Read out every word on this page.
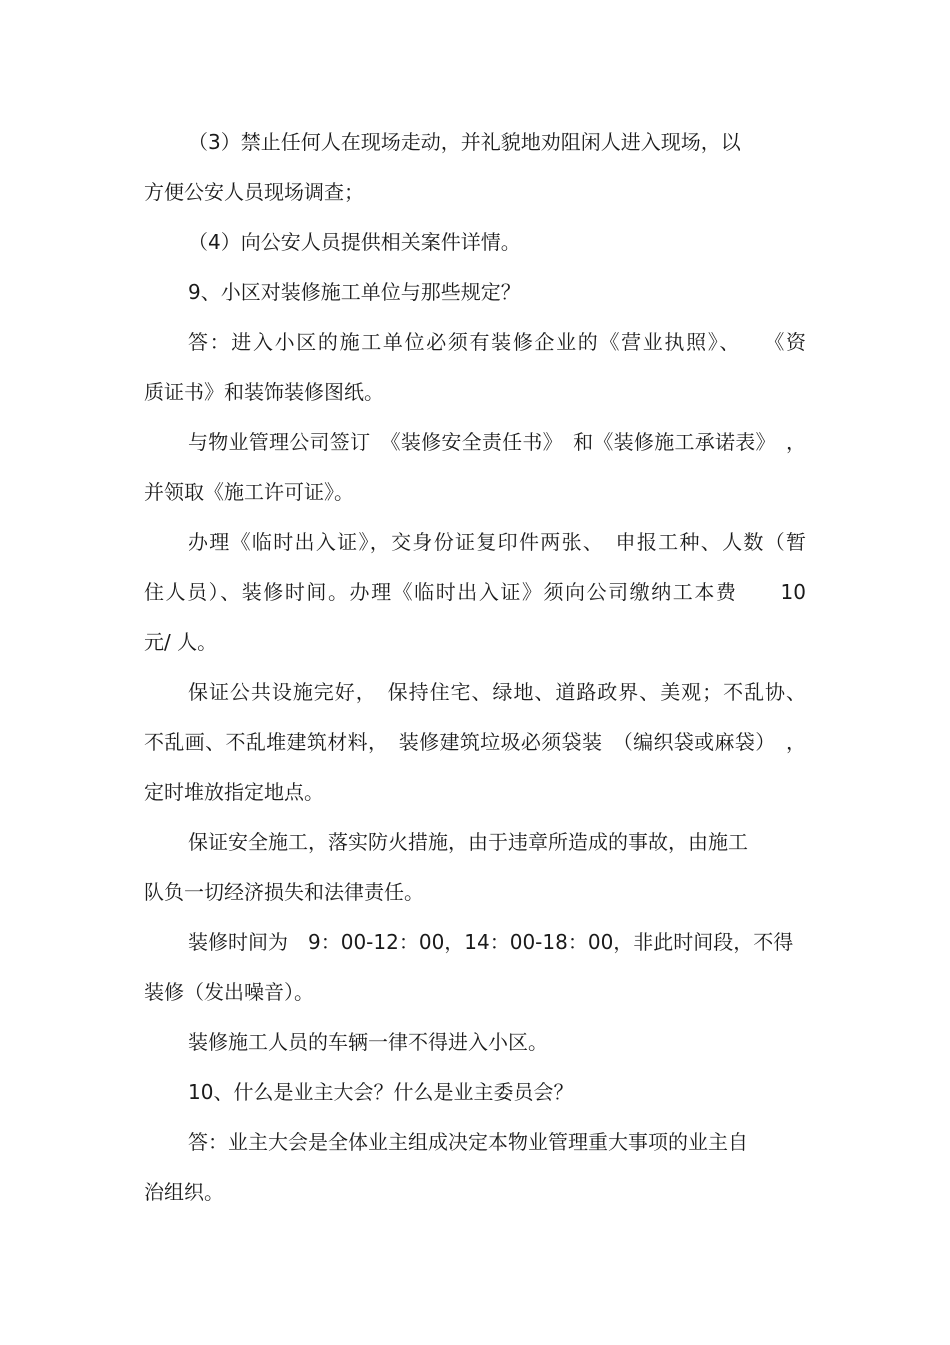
（3）禁止任何人在现场走动，并礼貌地劝阻闲人进入现场，以
方便公安人员现场调查；
（4）向公安人员提供相关案件详情。
9、小区对装修施工单位与那些规定？
答：进入小区的施工单位必须有装修企业的《营业执照》、　　《资
质证书》和装饰装修图纸。
与物业管理公司签订　《装修安全责任书》　和《装修施工承诺表》　，
并领取《施工许可证》。
办理《临时出入证》，交身份证复印件两张、　申报工种、人数（暂
住人员）、装修时间。办理《临时出入证》须向公司缴纳工本费　　10
元/ 人。
保证公共设施完好，　保持住宅、绿地、道路政界、美观；不乱协、
不乱画、不乱堆建筑材料，　装修建筑垃圾必须袋装　（编织袋或麻袋）　，
定时堆放指定地点。
保证安全施工，落实防火措施，由于违章所造成的事故，由施工
队负一切经济损失和法律责任。
装修时间为　9：00-12：00，14：00-18：00，非此时间段，不得
装修（发出噪音）。
装修施工人员的车辆一律不得进入小区。
10、什么是业主大会？什么是业主委员会？
答：业主大会是全体业主组成决定本物业管理重大事项的业主自
治组织。
